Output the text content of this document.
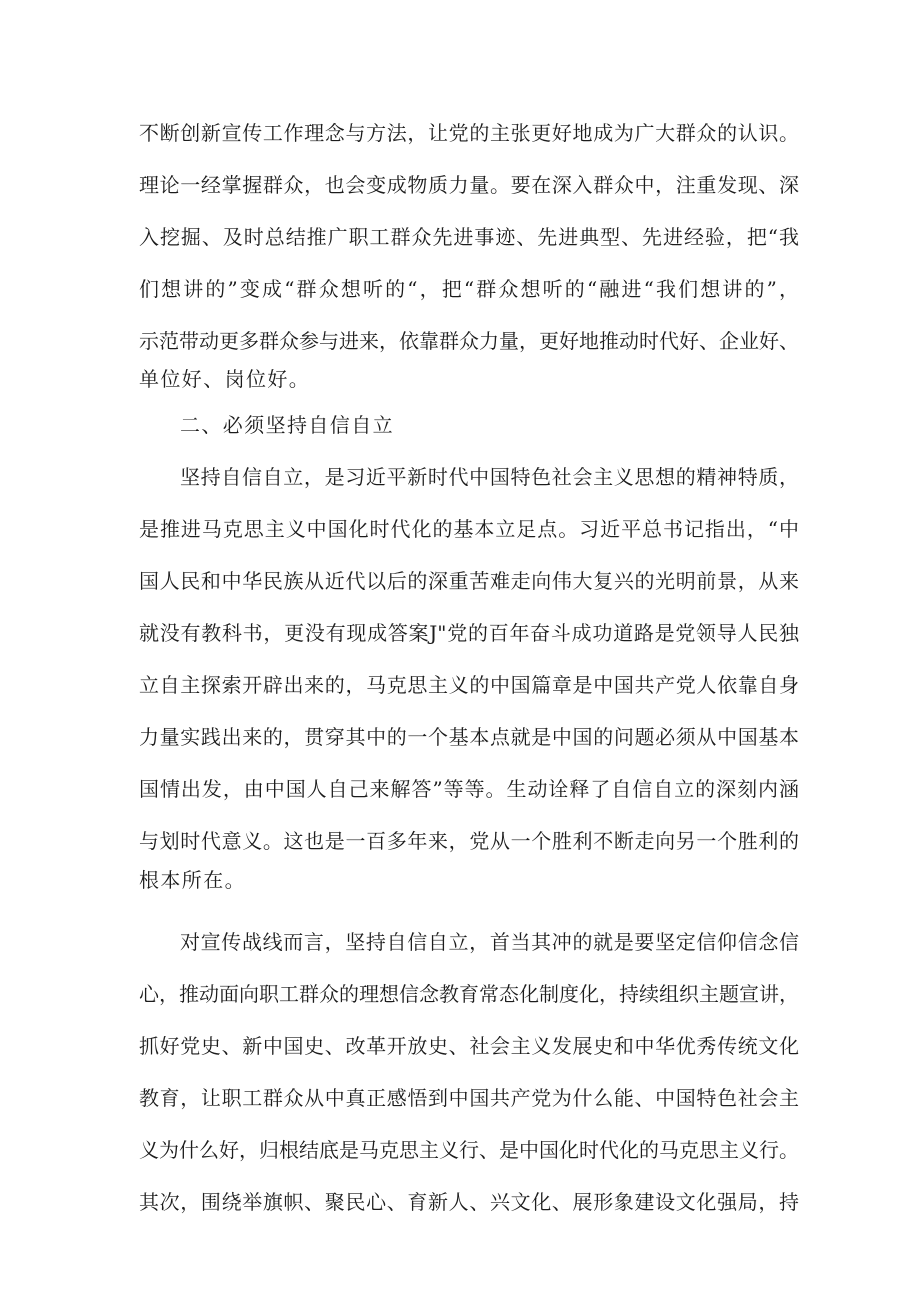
不断创新宣传工作理念与方法，让党的主张更好地成为广大群众的认识。
理论一经掌握群众，也会变成物质力量。要在深入群众中，注重发现、深
入挖掘、及时总结推广职工群众先进事迹、先进典型、先进经验，把“我
们想讲的”变成“群众想听的“，把“群众想听的“融进“我们想讲的”，
示范带动更多群众参与进来，依靠群众力量，更好地推动时代好、企业好、
单位好、岗位好。
二、必须坚持自信自立
坚持自信自立，是习近平新时代中国特色社会主义思想的精神特质，
是推进马克思主义中国化时代化的基本立足点。习近平总书记指出，“中
国人民和中华民族从近代以后的深重苦难走向伟大复兴的光明前景，从来
就没有教科书，更没有现成答案J"党的百年奋斗成功道路是党领导人民独
立自主探索开辟出来的，马克思主义的中国篇章是中国共产党人依靠自身
力量实践出来的，贯穿其中的一个基本点就是中国的问题必须从中国基本
国情出发，由中国人自己来解答”等等。生动诠释了自信自立的深刻内涵
与划时代意义。这也是一百多年来，党从一个胜利不断走向另一个胜利的
根本所在。
对宣传战线而言，坚持自信自立，首当其冲的就是要坚定信仰信念信
心，推动面向职工群众的理想信念教育常态化制度化，持续组织主题宣讲，
抓好党史、新中国史、改革开放史、社会主义发展史和中华优秀传统文化
教育，让职工群众从中真正感悟到中国共产党为什么能、中国特色社会主
义为什么好，归根结底是马克思主义行、是中国化时代化的马克思主义行。
其次，围绕举旗帜、聚民心、育新人、兴文化、展形象建设文化强局，持
